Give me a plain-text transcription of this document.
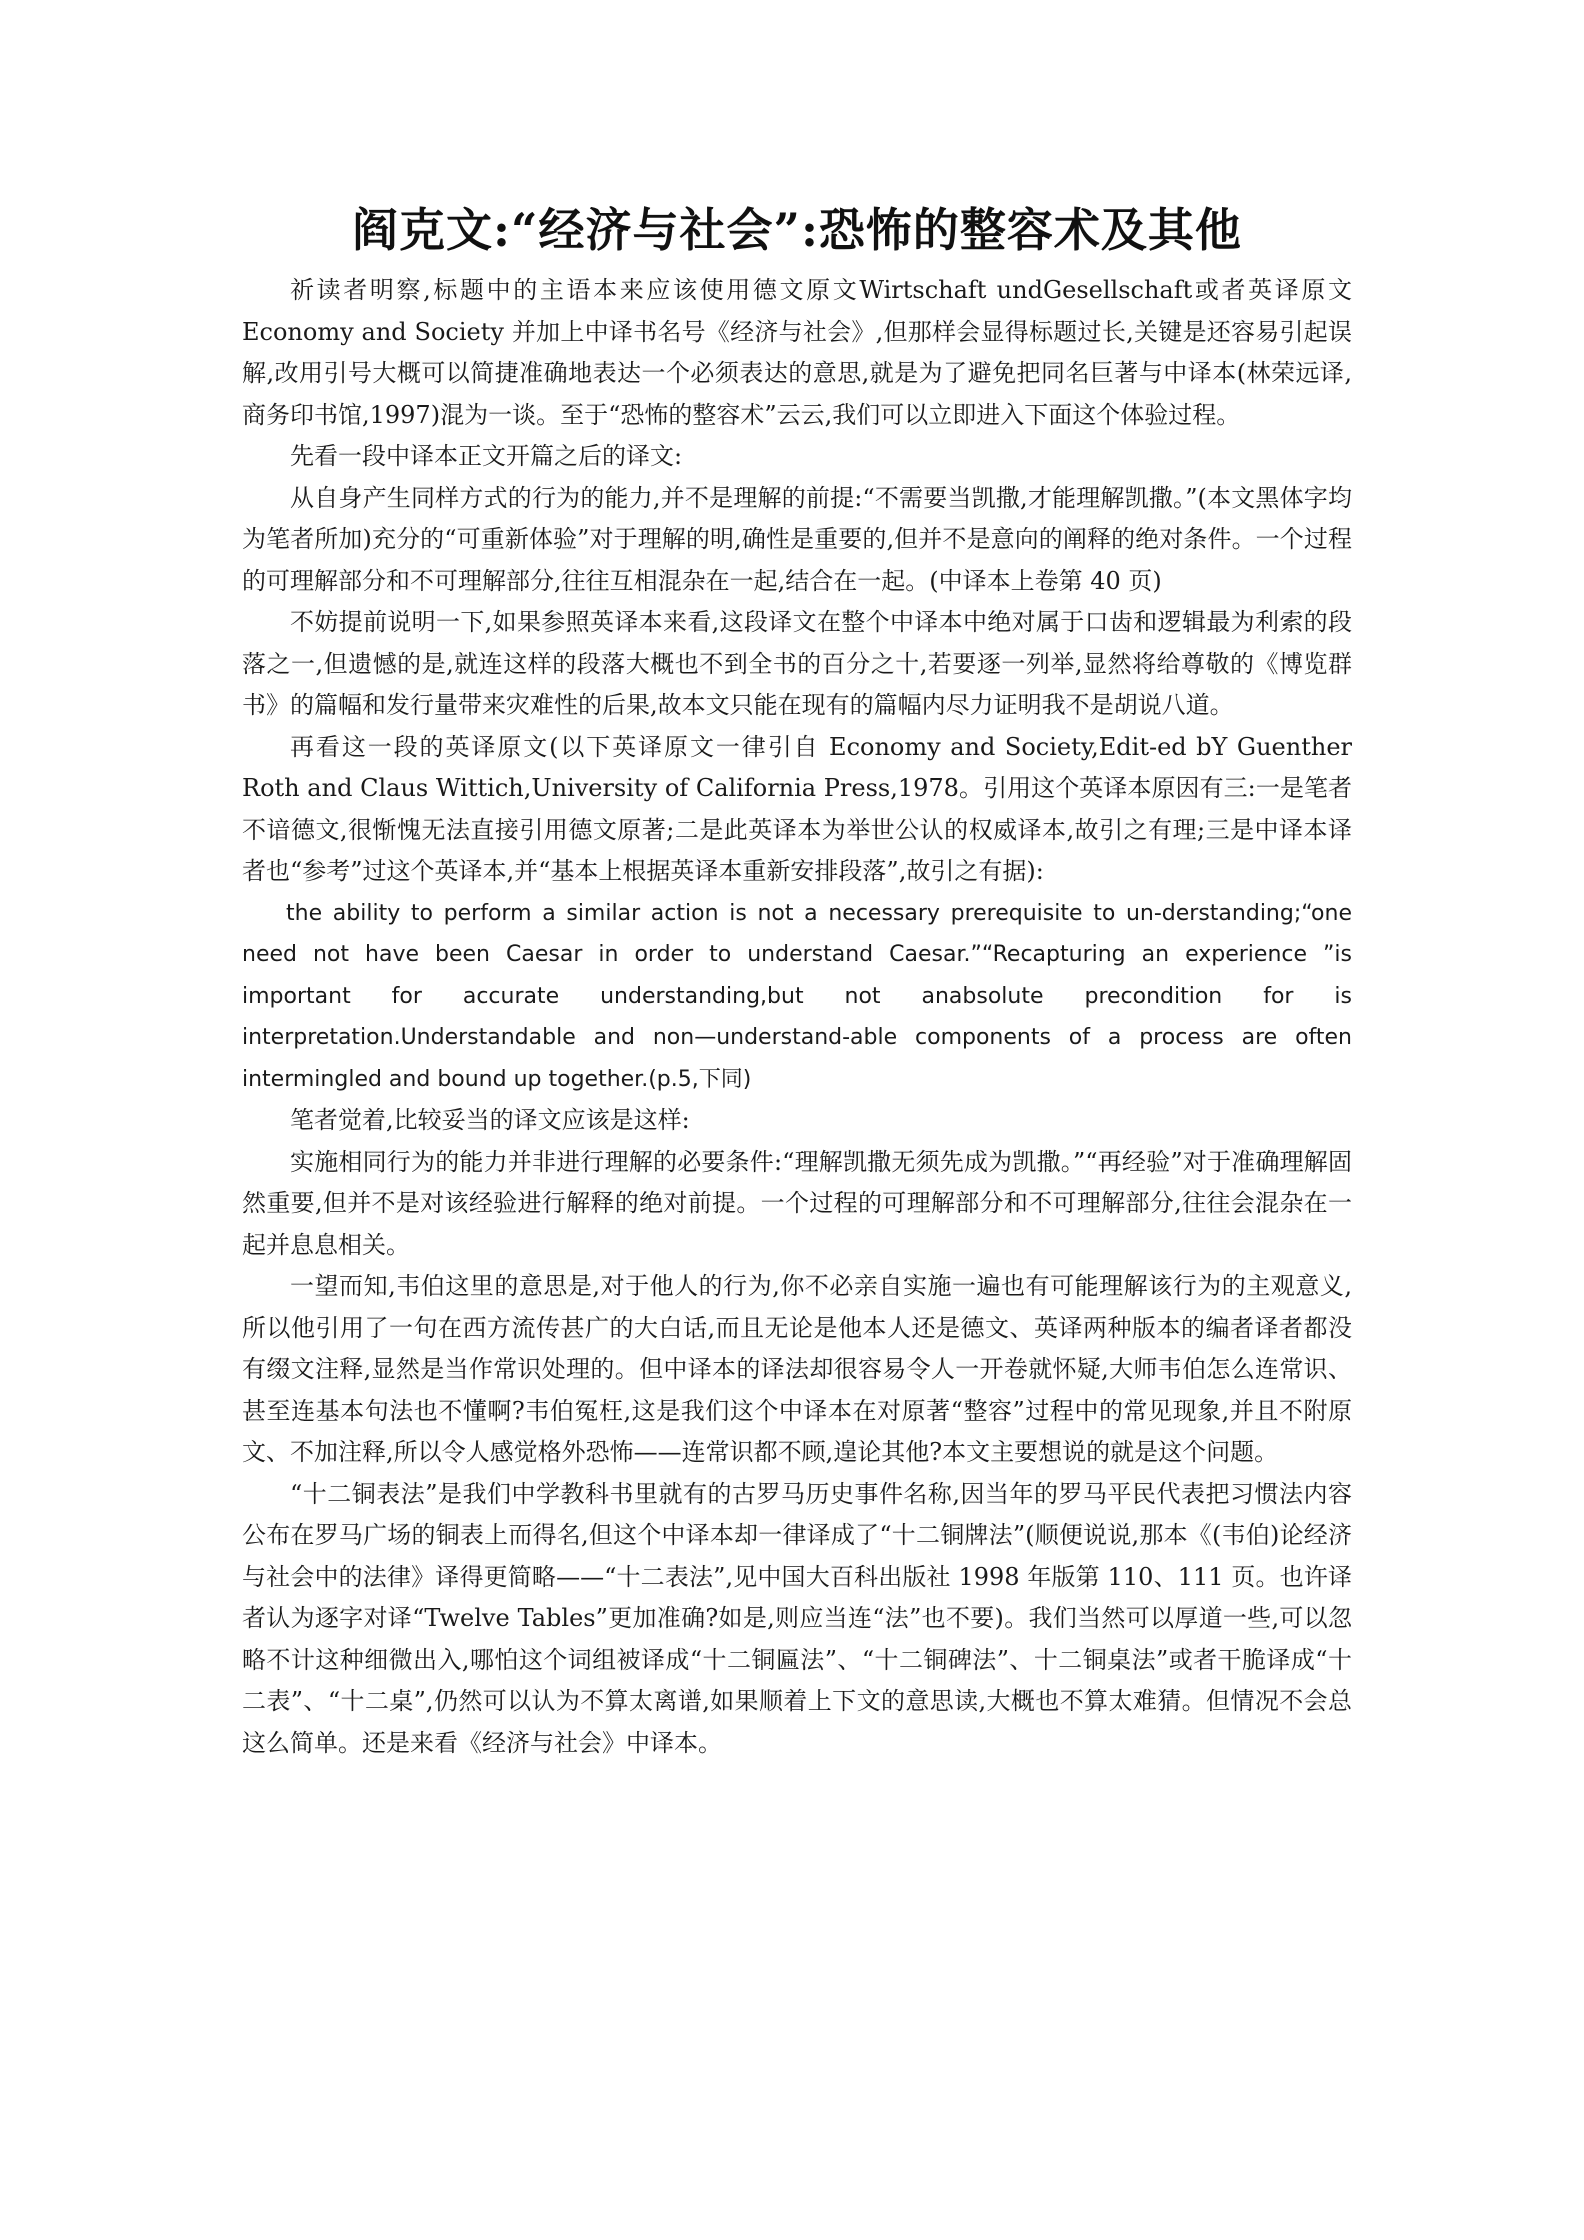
阎克文:“经济与社会”:恐怖的整容术及其他

祈读者明察,标题中的主语本来应该使用德文原文Wirtschaft undGesellschaft或者英译原文 Economy and Society 并加上中译书名号《经济与社会》,但那样会显得标题过长,关键是还容易引起误解,改用引号大概可以简捷准确地表达一个必须表达的意思,就是为了避免把同名巨著与中译本(林荣远译,商务印书馆,1997)混为一谈。至于“恐怖的整容术”云云,我们可以立即进入下面这个体验过程。

先看一段中译本正文开篇之后的译文:

从自身产生同样方式的行为的能力,并不是理解的前提:“不需要当凯撒,才能理解凯撒。”(本文黑体字均为笔者所加)充分的“可重新体验”对于理解的明,确性是重要的,但并不是意向的阐释的绝对条件。一个过程的可理解部分和不可理解部分,往往互相混杂在一起,结合在一起。(中译本上卷第 40 页)

不妨提前说明一下,如果参照英译本来看,这段译文在整个中译本中绝对属于口齿和逻辑最为利索的段落之一,但遗憾的是,就连这样的段落大概也不到全书的百分之十,若要逐一列举,显然将给尊敬的《博览群书》的篇幅和发行量带来灾难性的后果,故本文只能在现有的篇幅内尽力证明我不是胡说八道。

再看这一段的英译原文(以下英译原文一律引自 Economy and Society,Edit-ed bY Guenther Roth and Claus Wittich,University of California Press,1978。引用这个英译本原因有三:一是笔者不谙德文,很惭愧无法直接引用德文原著;二是此英译本为举世公认的权威译本,故引之有理;三是中译本译者也“参考”过这个英译本,并“基本上根据英译本重新安排段落”,故引之有据):

the ability to perform a similar action is not a necessary prerequisite to un-derstanding;“one need not have been Caesar in order to understand Caesar.”“Recapturing an experience ”is important for accurate understanding,but not anabsolute precondition for is interpretation.Understandable and non—understand-able components of a process are often intermingled and bound up together.(p.5,下同)

笔者觉着,比较妥当的译文应该是这样:

实施相同行为的能力并非进行理解的必要条件:“理解凯撒无须先成为凯撒。”“再经验”对于准确理解固然重要,但并不是对该经验进行解释的绝对前提。一个过程的可理解部分和不可理解部分,往往会混杂在一起并息息相关。

一望而知,韦伯这里的意思是,对于他人的行为,你不必亲自实施一遍也有可能理解该行为的主观意义,所以他引用了一句在西方流传甚广的大白话,而且无论是他本人还是德文、英译两种版本的编者译者都没有缀文注释,显然是当作常识处理的。但中译本的译法却很容易令人一开卷就怀疑,大师韦伯怎么连常识、甚至连基本句法也不懂啊?韦伯冤枉,这是我们这个中译本在对原著“整容”过程中的常见现象,并且不附原文、不加注释,所以令人感觉格外恐怖——连常识都不顾,遑论其他?本文主要想说的就是这个问题。

“十二铜表法”是我们中学教科书里就有的古罗马历史事件名称,因当年的罗马平民代表把习惯法内容公布在罗马广场的铜表上而得名,但这个中译本却一律译成了“十二铜牌法”(顺便说说,那本《(韦伯)论经济与社会中的法律》译得更简略——“十二表法”,见中国大百科出版社 1998 年版第 110、111 页。也许译者认为逐字对译“Twelve Tables”更加准确?如是,则应当连“法”也不要)。我们当然可以厚道一些,可以忽略不计这种细微出入,哪怕这个词组被译成“十二铜匾法”、“十二铜碑法”、十二铜桌法”或者干脆译成“十二表”、“十二桌”,仍然可以认为不算太离谱,如果顺着上下文的意思读,大概也不算太难猜。但情况不会总这么简单。还是来看《经济与社会》中译本。
